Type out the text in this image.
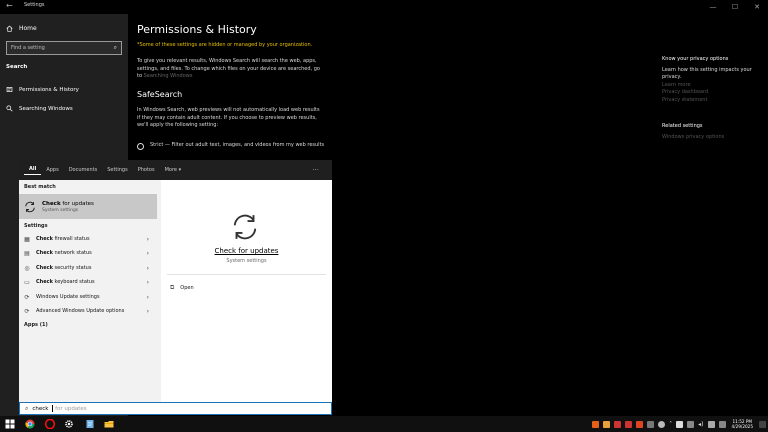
← Settings	—	☐	✕
Home
Find a setting	⌕
Search
Permissions & History
Searching Windows
Permissions & History
*Some of these settings are hidden or managed by your organization.
To give you relevant results, Windows Search will search the web, apps, settings, and files. To change which files on your device are searched, go to Searching Windows
SafeSearch
In Windows Search, web previews will not automatically load web results if they may contain adult content. If you choose to preview web results, we'll apply the following setting:
Strict — Filter out adult text, images, and videos from my web results
Know your privacy options
Learn how this setting impacts your privacy.
Learn more
Privacy dashboard
Privacy statement
Related settings
Windows privacy options
All	Apps	Documents	Settings	Photos	More ▾	···
Best match
Check for updates
System settings
Settings
▦ Check firewall status	›
▤ Check network status	›
◎ Check security status	›
▭ Check keyboard status	›
⟳ Windows Update settings	›
⟳ Advanced Windows Update options	›
Apps (1)
Check for updates
System settings
⧉ Open
⌕ check for updates
˄	◂)	11:52 PM
4/29/2025
